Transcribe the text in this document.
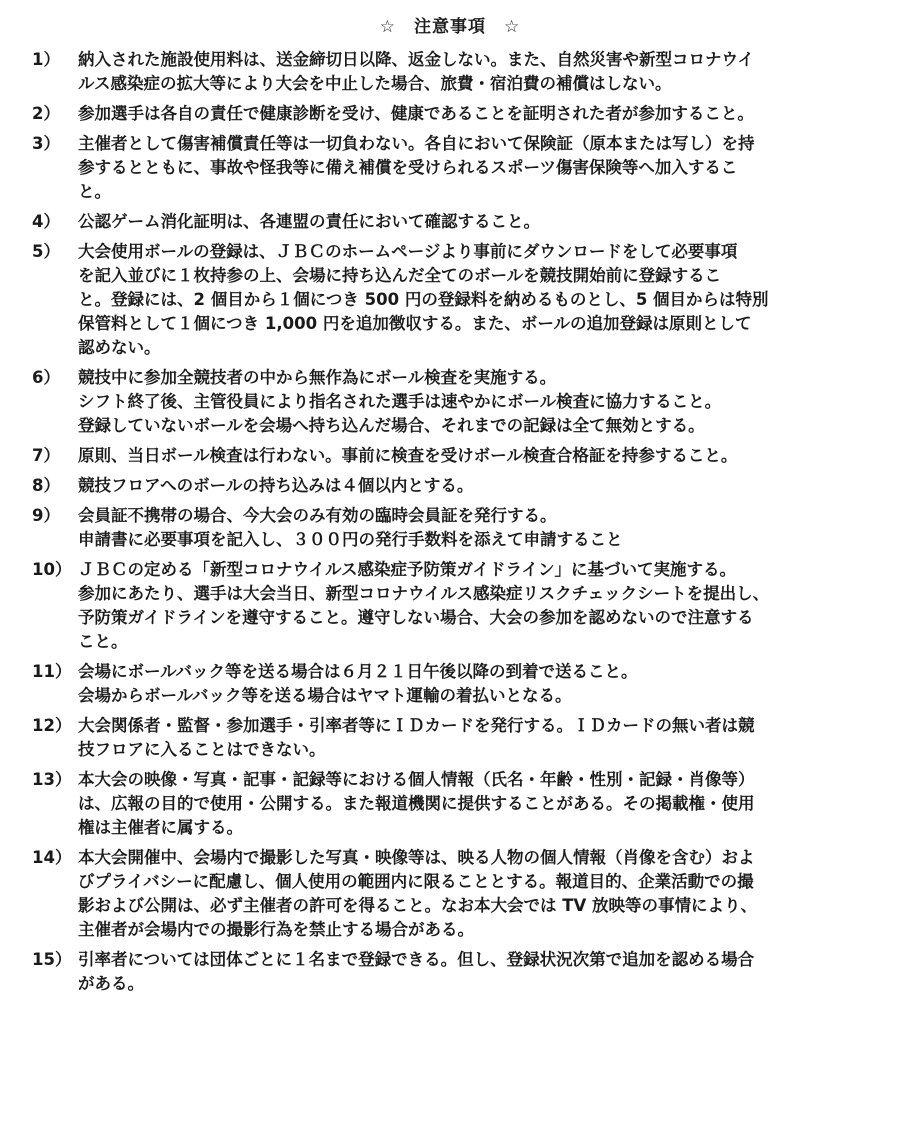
☆　注意事項　☆
1）	納入された施設使用料は、送金締切日以降、返金しない。また、自然災害や新型コロナウイ
ルス感染症の拡大等により大会を中止した場合、旅費・宿泊費の補償はしない。
2）	参加選手は各自の責任で健康診断を受け、健康であることを証明された者が参加すること。
3）	主催者として傷害補償責任等は一切負わない。各自において保険証（原本または写し）を持
参するとともに、事故や怪我等に備え補償を受けられるスポーツ傷害保険等へ加入するこ
と。
4）	公認ゲーム消化証明は、各連盟の責任において確認すること。
5）	大会使用ボールの登録は、ＪＢＣのホームページより事前にダウンロードをして必要事項
を記入並びに１枚持参の上、会場に持ち込んだ全てのボールを競技開始前に登録するこ
と。登録には、2 個目から１個につき 500 円の登録料を納めるものとし、5 個目からは特別
保管料として１個につき 1,000 円を追加徴収する。また、ボールの追加登録は原則として
認めない。
6）	競技中に参加全競技者の中から無作為にボール検査を実施する。
シフト終了後、主管役員により指名された選手は速やかにボール検査に協力すること。
登録していないボールを会場へ持ち込んだ場合、それまでの記録は全て無効とする。
7）	原則、当日ボール検査は行わない。事前に検査を受けボール検査合格証を持参すること。
8）	競技フロアへのボールの持ち込みは４個以内とする。
9）	会員証不携帯の場合、今大会のみ有効の臨時会員証を発行する。
申請書に必要事項を記入し、３００円の発行手数料を添えて申請すること
10） ＪＢＣの定める「新型コロナウイルス感染症予防策ガイドライン」に基づいて実施する。
参加にあたり、選手は大会当日、新型コロナウイルス感染症リスクチェックシートを提出し、
予防策ガイドラインを遵守すること。遵守しない場合、大会の参加を認めないので注意する
こと。
11） 会場にボールバック等を送る場合は６月２１日午後以降の到着で送ること。
会場からボールバック等を送る場合はヤマト運輸の着払いとなる。
12） 大会関係者・監督・参加選手・引率者等にＩＤカードを発行する。ＩＤカードの無い者は競
技フロアに入ることはできない。
13） 本大会の映像・写真・記事・記録等における個人情報（氏名・年齢・性別・記録・肖像等）
は、広報の目的で使用・公開する。また報道機関に提供することがある。その掲載権・使用
権は主催者に属する。
14） 本大会開催中、会場内で撮影した写真・映像等は、映る人物の個人情報（肖像を含む）およ
びプライバシーに配慮し、個人使用の範囲内に限ることとする。報道目的、企業活動での撮
影および公開は、必ず主催者の許可を得ること。なお本大会では TV 放映等の事情により、
主催者が会場内での撮影行為を禁止する場合がある。
15） 引率者については団体ごとに１名まで登録できる。但し、登録状況次第で追加を認める場合
がある。
